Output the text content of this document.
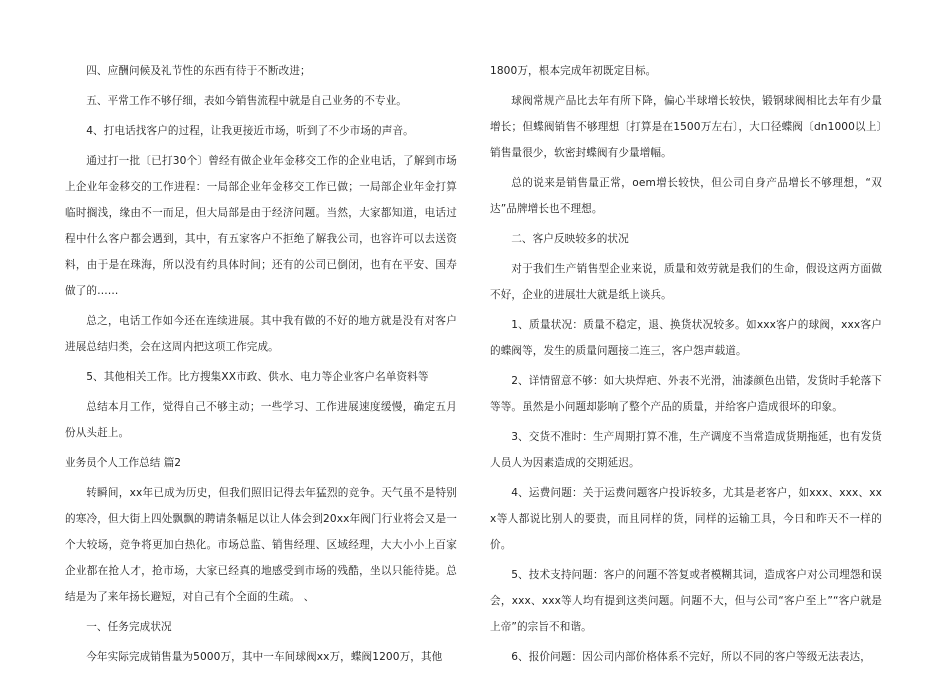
四、应酬问候及礼节性的东西有待于不断改进；

五、平常工作不够仔细，表如今销售流程中就是自己业务的不专业。

4、打电话找客户的过程，让我更接近市场，听到了不少市场的声音。

通过打一批〔已打30个〕曾经有做企业年金移交工作的企业电话，了解到市场上企业年金移交的工作进程：一局部企业年金移交工作已做；一局部企业年金打算临时搁浅，缘由不一而足，但大局部是由于经济问题。当然，大家都知道，电话过程中什么客户都会遇到，其中，有五家客户不拒绝了解我公司，也容许可以去送资料，由于是在珠海，所以没有约具体时间；还有的公司已倒闭，也有在平安、国寿做了的……

总之，电话工作如今还在连续进展。其中我有做的不好的地方就是没有对客户进展总结归类，会在这周内把这项工作完成。

5、其他相关工作。比方搜集XX市政、供水、电力等企业客户名单资料等

总结本月工作，觉得自己不够主动；一些学习、工作进展速度缓慢，确定五月份从头赶上。

业务员个人工作总结 篇2

转瞬间，xx年已成为历史，但我们照旧记得去年猛烈的竞争。天气虽不是特别的寒冷，但大街上四处飘飘的聘请条幅足以让人体会到20xx年阀门行业将会又是一个大较场，竞争将更加白热化。市场总监、销售经理、区域经理，大大小小上百家企业都在抢人才，抢市场，大家已经真的地感受到市场的残酷，坐以只能待毙。总结是为了来年扬长避短，对自己有个全面的生疏。 、

一、任务完成状况

今年实际完成销售量为5000万，其中一车间球阀xx万，蝶阀1200万，其他

1800万，根本完成年初既定目标。

球阀常规产品比去年有所下降，偏心半球增长较快，锻钢球阀相比去年有少量增长；但蝶阀销售不够理想〔打算是在1500万左右〕，大口径蝶阀〔dn1000以上〕销售量很少，软密封蝶阀有少量增幅。

总的说来是销售量正常，oem增长较快，但公司自身产品增长不够理想，“双达”品牌增长也不理想。

二、客户反映较多的状况

对于我们生产销售型企业来说，质量和效劳就是我们的生命，假设这两方面做不好，企业的进展壮大就是纸上谈兵。

1、质量状况：质量不稳定，退、换货状况较多。如xxx客户的球阀，xxx客户的蝶阀等，发生的质量问题接二连三，客户怨声载道。

2、详情留意不够：如大块焊疤、外表不光滑，油漆颜色出错，发货时手轮落下等等。虽然是小问题却影响了整个产品的质量，并给客户造成很坏的印象。

3、交货不准时：生产周期打算不准，生产调度不当常造成货期拖延，也有发货人员人为因素造成的交期延迟。

4、运费问题：关于运费问题客户投诉较多，尤其是老客户，如xxx、xxx、xxx等人都说比别人的要贵，而且同样的货，同样的运输工具，今日和昨天不一样的价。

5、技术支持问题：客户的问题不答复或者模糊其词，造成客户对公司埋怨和误会，xxx、xxx等人均有提到这类问题。问题不大，但与公司“客户至上”“客户就是上帝”的宗旨不和谐。

6、报价问题：因公司内部价格体系不完好，所以不同的客户等级无法表达，
